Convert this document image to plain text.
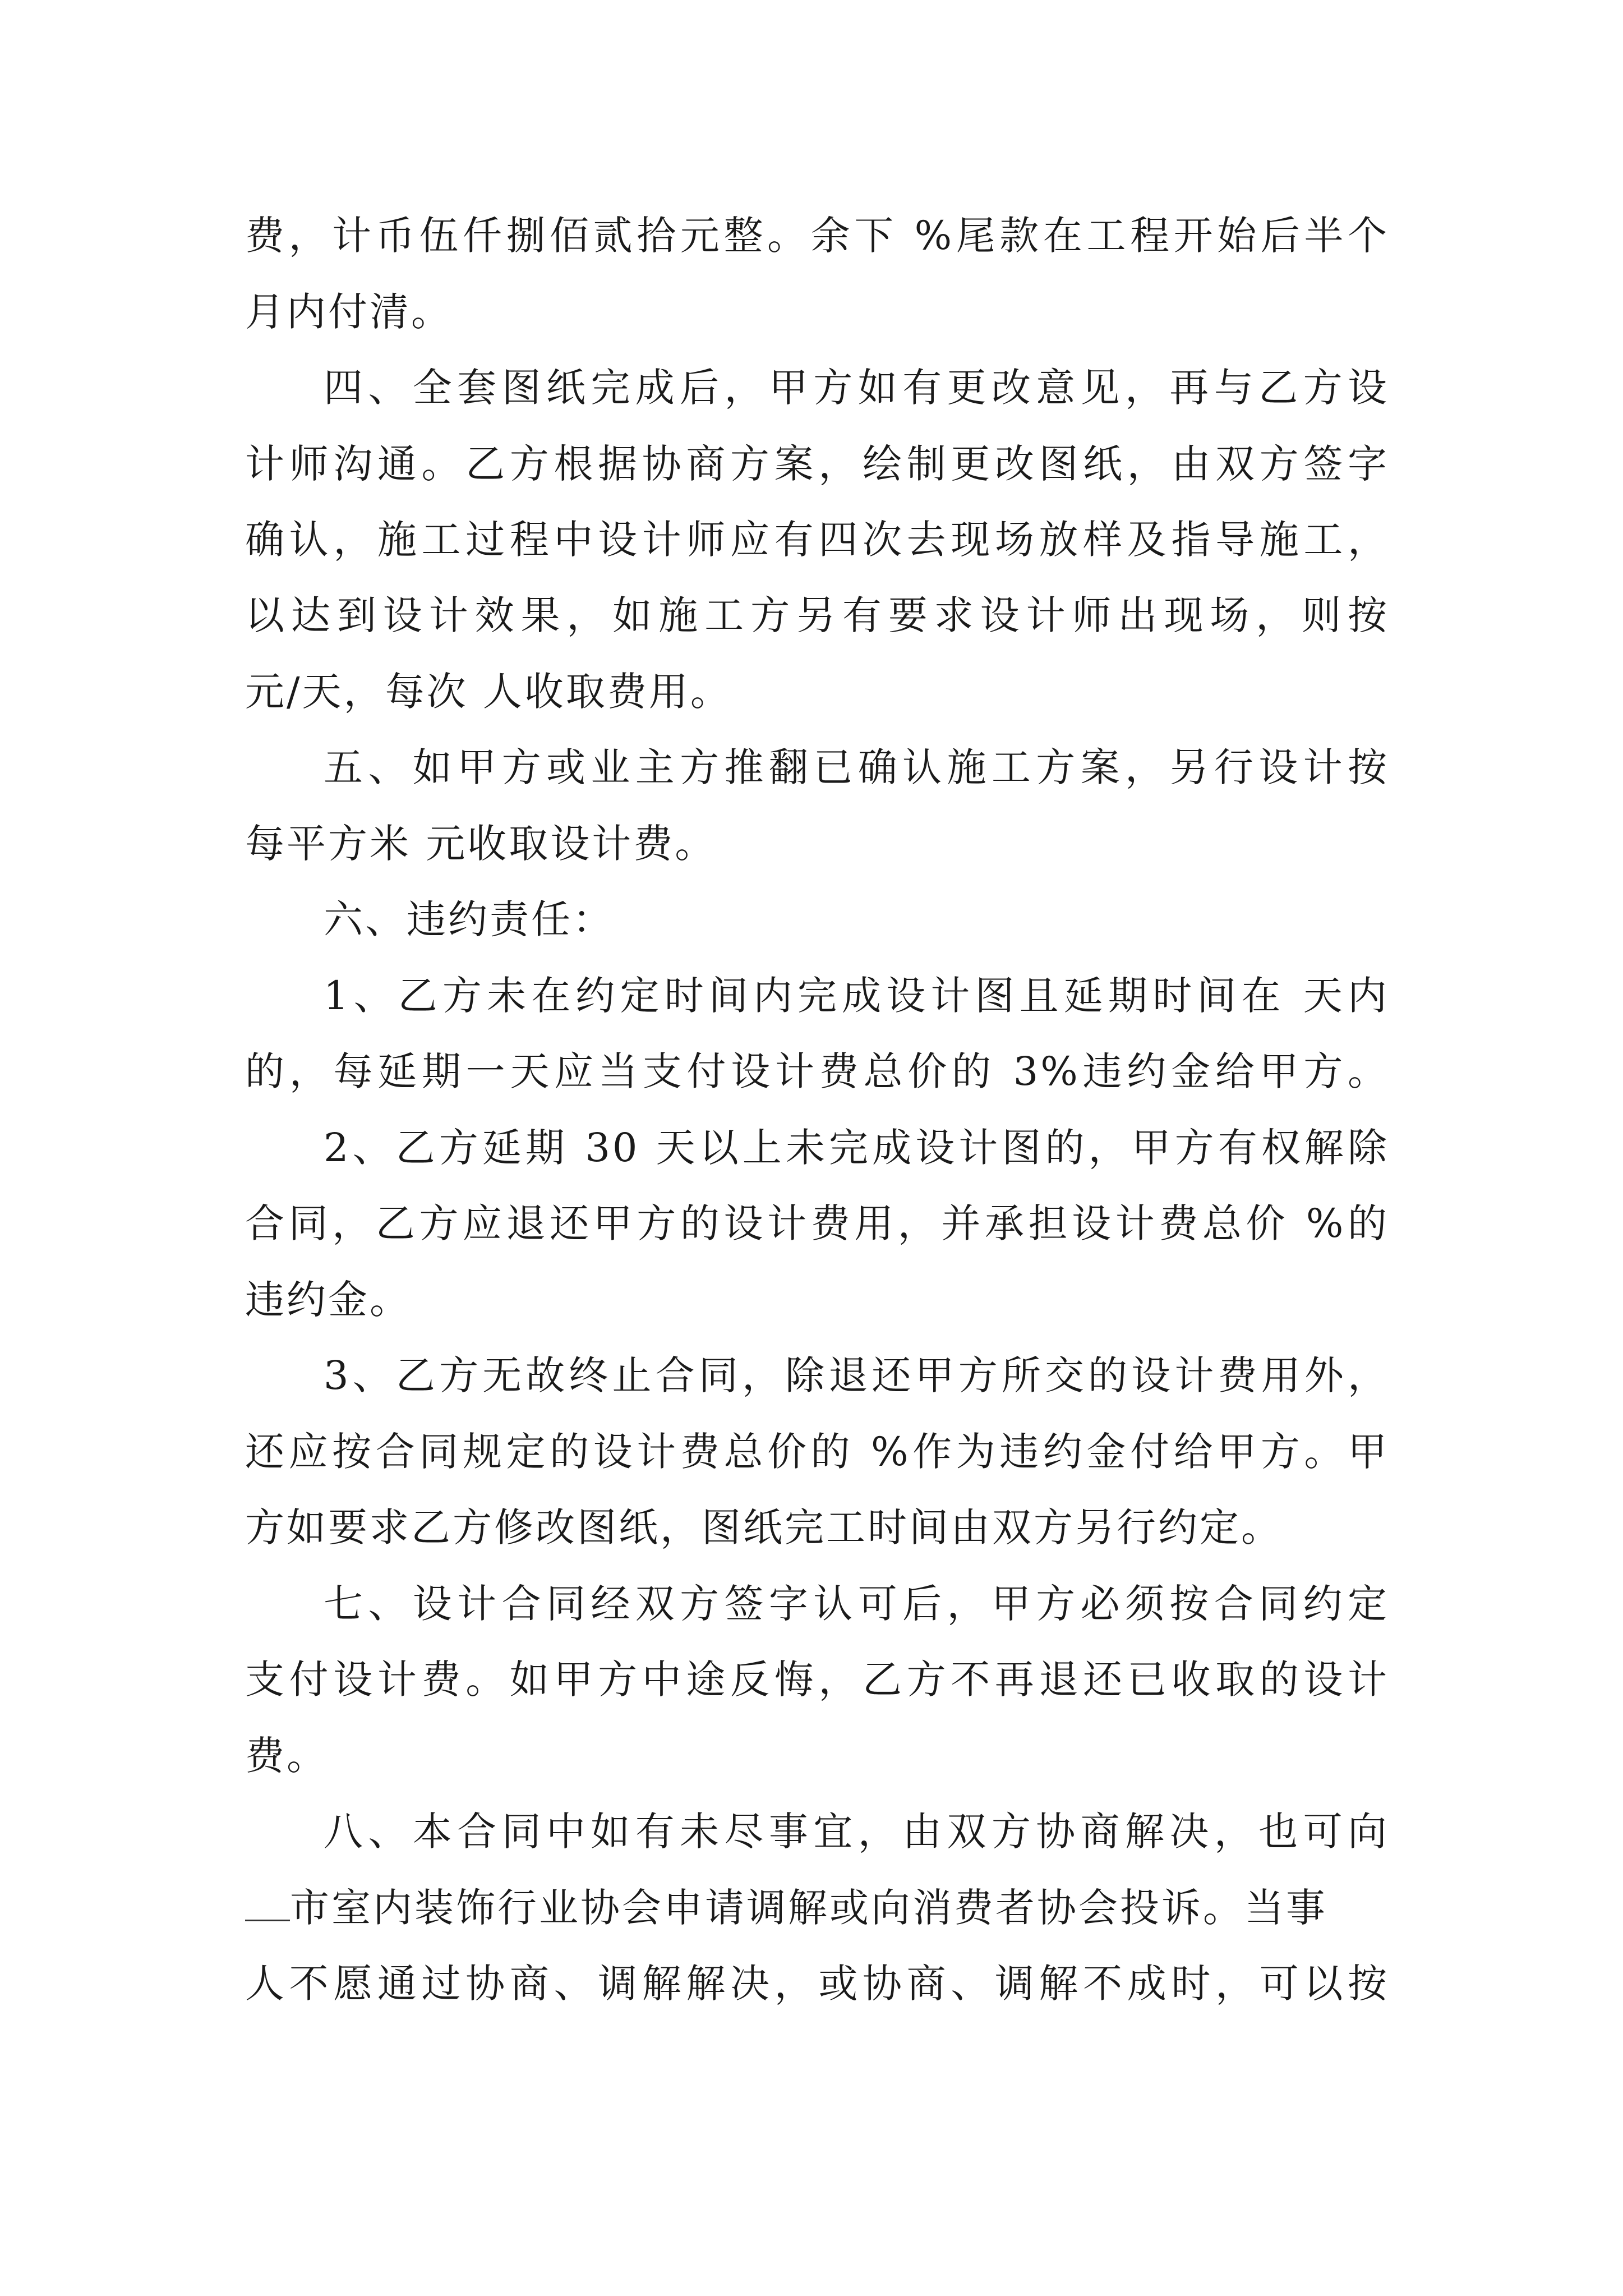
费，计币伍仟捌佰贰拾元整。余下 %尾款在工程开始后半个
月内付清。
四、全套图纸完成后，甲方如有更改意见，再与乙方设
计师沟通。乙方根据协商方案，绘制更改图纸，由双方签字
确认，施工过程中设计师应有四次去现场放样及指导施工，
以达到设计效果，如施工方另有要求设计师出现场，则按
元/天，每次 人收取费用。
五、如甲方或业主方推翻已确认施工方案，另行设计按
每平方米 元收取设计费。
六、违约责任：
1、乙方未在约定时间内完成设计图且延期时间在 天内
的，每延期一天应当支付设计费总价的 3%违约金给甲方。
2、乙方延期 30 天以上未完成设计图的，甲方有权解除
合同，乙方应退还甲方的设计费用，并承担设计费总价 %的
违约金。
3、乙方无故终止合同，除退还甲方所交的设计费用外，
还应按合同规定的设计费总价的 %作为违约金付给甲方。甲
方如要求乙方修改图纸，图纸完工时间由双方另行约定。
七、设计合同经双方签字认可后，甲方必须按合同约定
支付设计费。如甲方中途反悔，乙方不再退还已收取的设计
费。
八、本合同中如有未尽事宜，由双方协商解决，也可向
市室内装饰行业协会申请调解或向消费者协会投诉。当事
人不愿通过协商、调解解决，或协商、调解不成时，可以按
